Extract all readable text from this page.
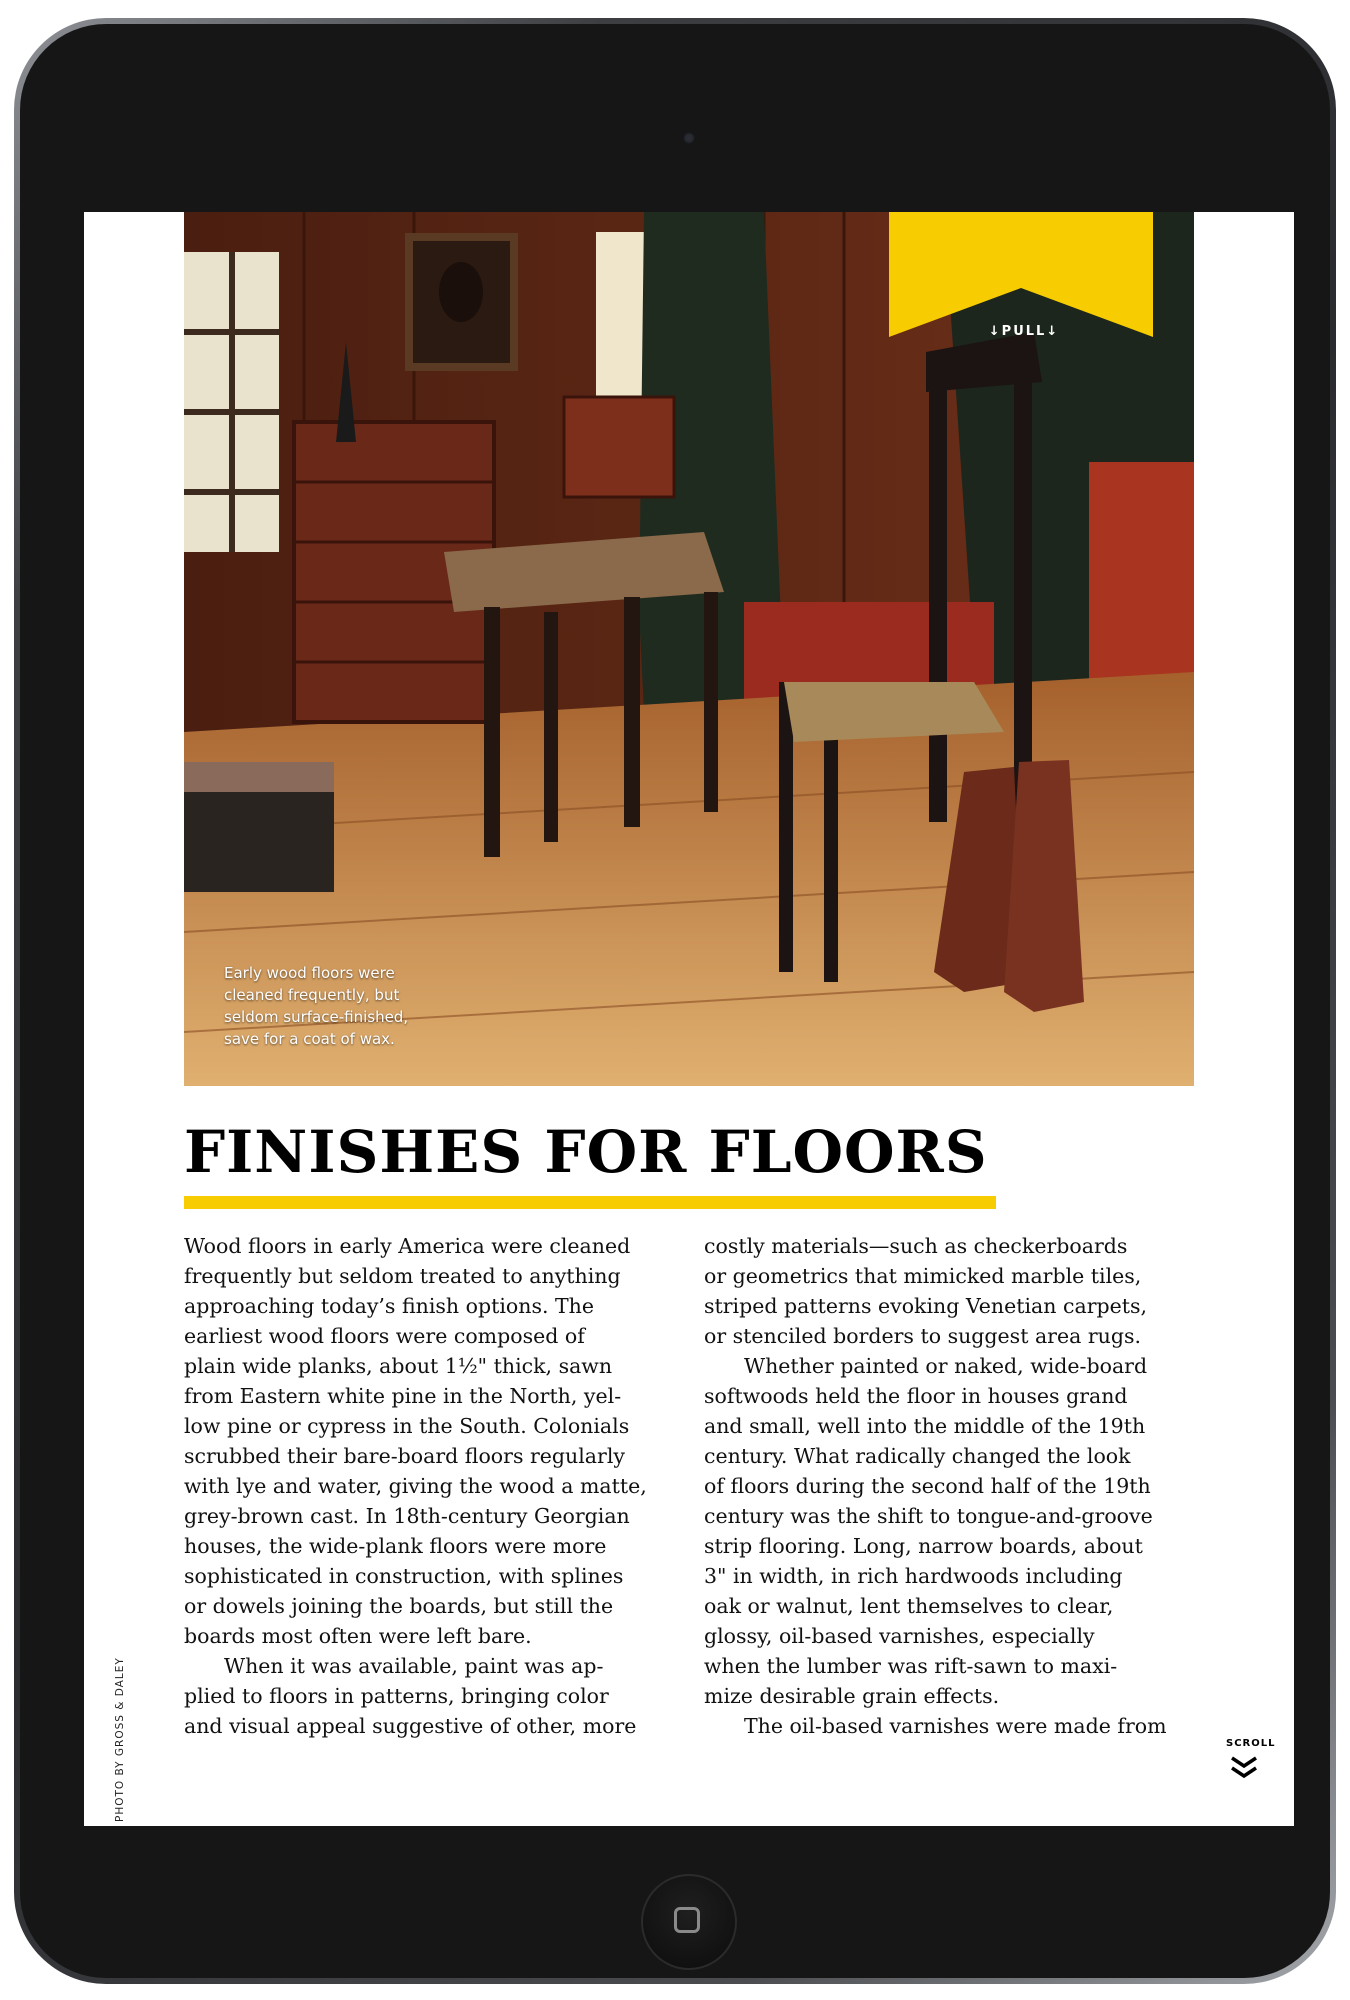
Early wood floors were
cleaned frequently, but
seldom surface-finished,
save for a coat of wax.
↓PULL↓
FINISHES FOR FLOORS
Wood floors in early America were cleaned
frequently but seldom treated to anything
approaching today’s finish options. The
earliest wood floors were composed of
plain wide planks, about 1½" thick, sawn
from Eastern white pine in the North, yel-
low pine or cypress in the South. Colonials
scrubbed their bare-board floors regularly
with lye and water, giving the wood a matte,
grey-brown cast. In 18th-century Georgian
houses, the wide-plank floors were more
sophisticated in construction, with splines
or dowels joining the boards, but still the
boards most often were left bare.
When it was available, paint was ap-
plied to floors in patterns, bringing color
and visual appeal suggestive of other, more
costly materials—such as checkerboards
or geometrics that mimicked marble tiles,
striped patterns evoking Venetian carpets,
or stenciled borders to suggest area rugs.
Whether painted or naked, wide-board
softwoods held the floor in houses grand
and small, well into the middle of the 19th
century. What radically changed the look
of floors during the second half of the 19th
century was the shift to tongue-and-groove
strip flooring. Long, narrow boards, about
3" in width, in rich hardwoods including
oak or walnut, lent themselves to clear,
glossy, oil-based varnishes, especially
when the lumber was rift-sawn to maxi-
mize desirable grain effects.
The oil-based varnishes were made from
PHOTO BY GROSS & DALEY	SCROLL
